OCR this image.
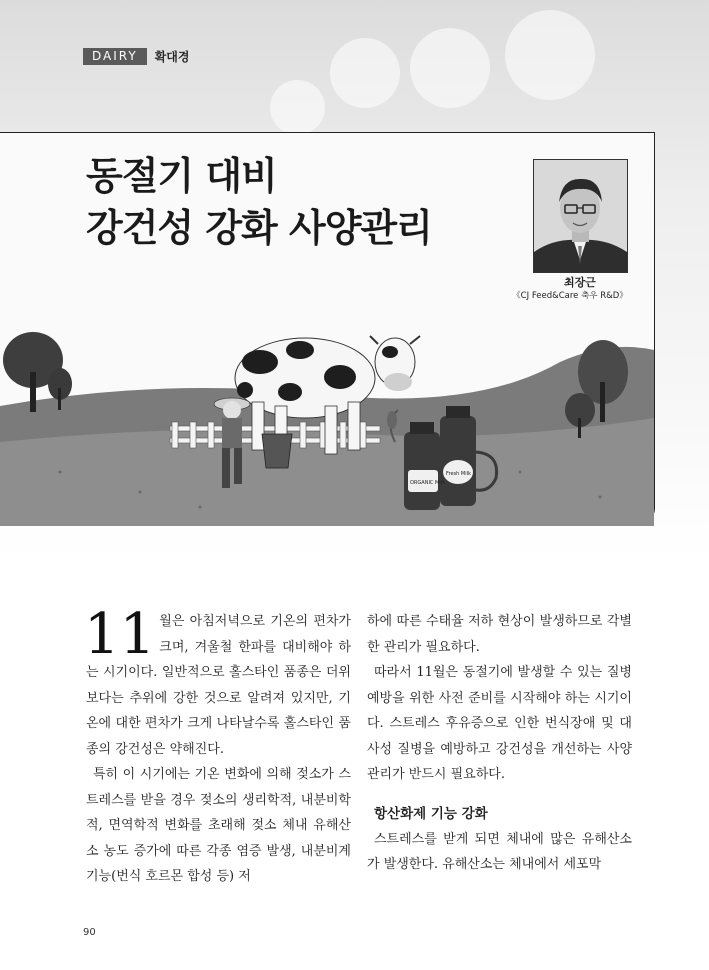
DAIRY	확대경
동절기 대비
강건성 강화 사양관리
최장근
《CJ Feed&Care 축우 R&D》
ORGANIC Milk
Fresh Milk

11 월은 아침저녁으로 기온의 편차가 크며, 겨울철 한파를 대비해야 하는 시기이다. 일반적으로 홀스타인 품종은 더위보다는 추위에 강한 것으로 알려져 있지만, 기온에 대한 편차가 크게 나타날수록 홀스타인 품종의 강건성은 약해진다.

특히 이 시기에는 기온 변화에 의해 젖소가 스트레스를 받을 경우 젖소의 생리학적, 내분비학적, 면역학적 변화를 초래해 젖소 체내 유해산소 농도 증가에 따른 각종 염증 발생, 내분비계 기능(번식 호르몬 합성 등) 저

하에 따른 수태율 저하 현상이 발생하므로 각별한 관리가 필요하다.

따라서 11월은 동절기에 발생할 수 있는 질병 예방을 위한 사전 준비를 시작해야 하는 시기이다. 스트레스 후유증으로 인한 번식장애 및 대사성 질병을 예방하고 강건성을 개선하는 사양관리가 반드시 필요하다.

항산화제 기능 강화

스트레스를 받게 되면 체내에 많은 유해산소가 발생한다. 유해산소는 체내에서 세포막

90
